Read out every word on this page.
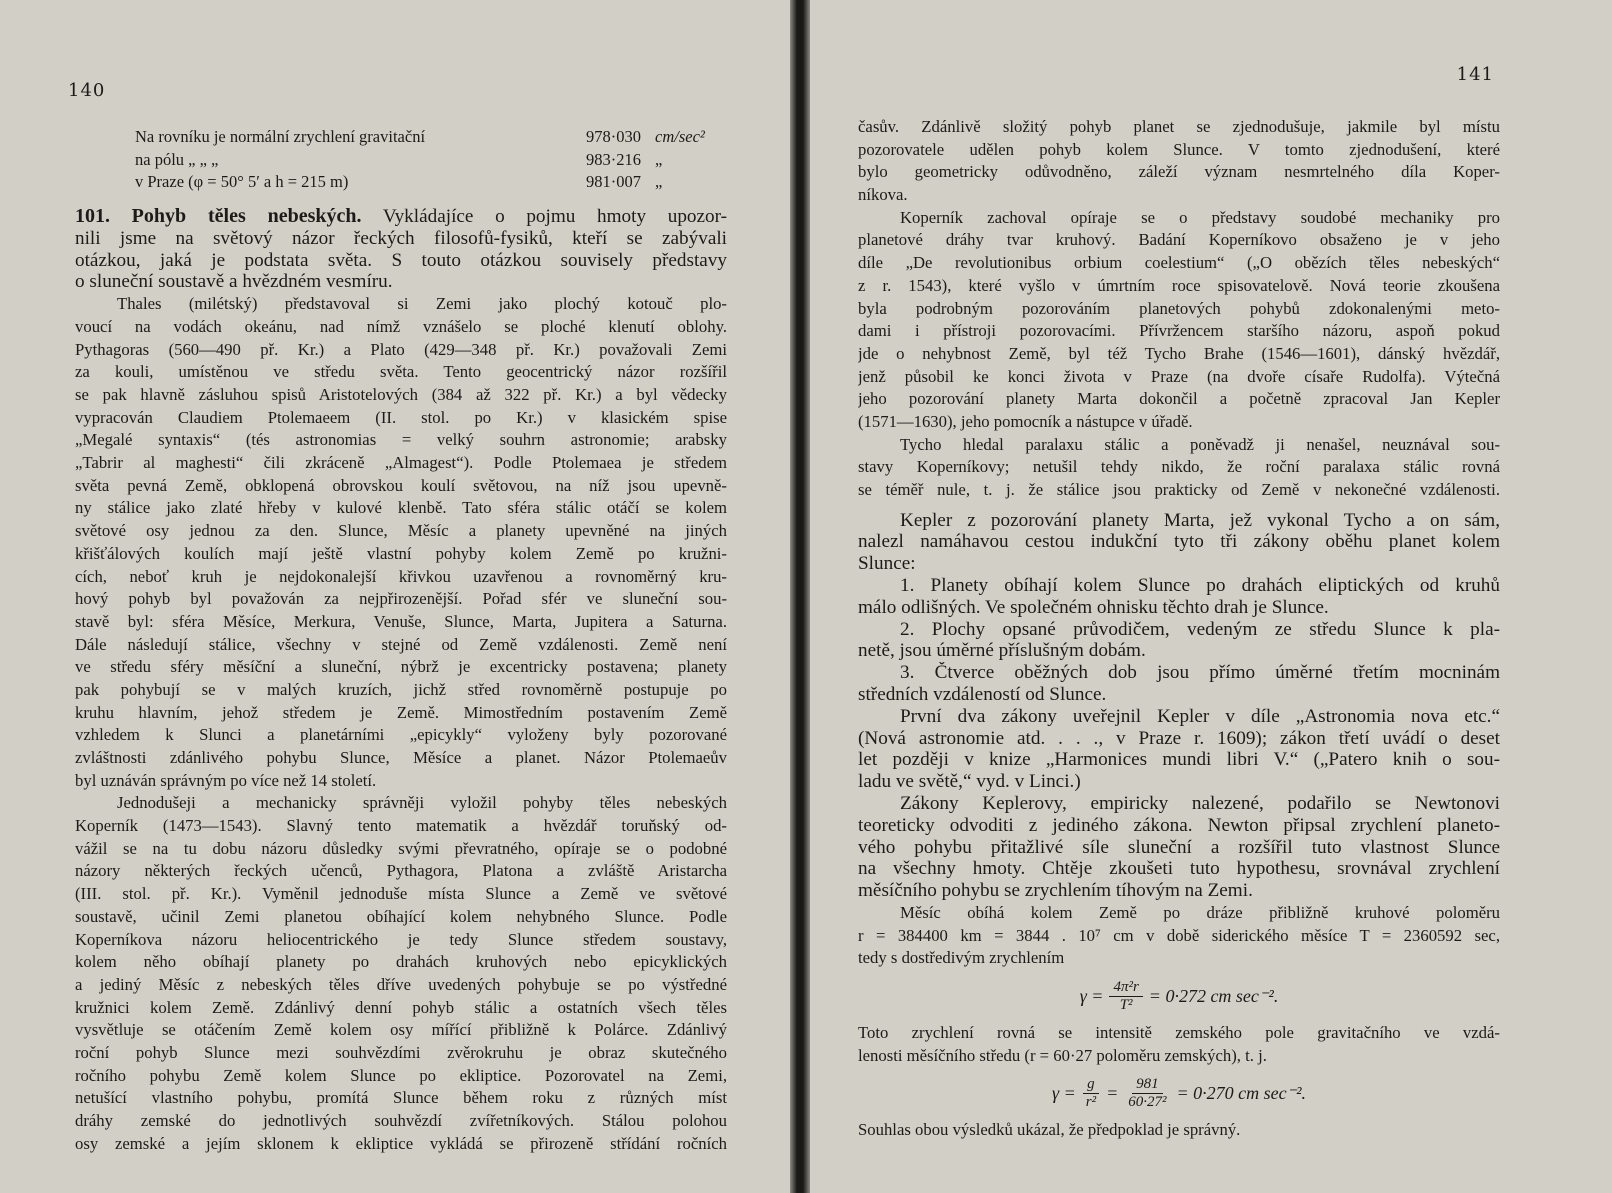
140
Na rovníku je normální zrychlení gravitační	978·030 cm/sec²
na pólu „ „ „	983·216 „
v Praze (φ = 50° 5′ a h = 215 m)	981·007 „
101. Pohyb těles nebeských. Vykládajíce o pojmu hmoty upozor-
nili jsme na světový názor řeckých filosofů-fysiků, kteří se zabývali
otázkou, jaká je podstata světa. S touto otázkou souvisely představy
o sluneční soustavě a hvězdném vesmíru.
Thales (milétský) představoval si Zemi jako plochý kotouč plo-
voucí na vodách okeánu, nad nímž vznášelo se ploché klenutí oblohy.
Pythagoras (560—490 př. Kr.) a Plato (429—348 př. Kr.) považovali Zemi
za kouli, umístěnou ve středu světa. Tento geocentrický názor rozšířil
se pak hlavně zásluhou spisů Aristotelových (384 až 322 př. Kr.) a byl vědecky
vypracován Claudiem Ptolemaeem (II. stol. po Kr.) v klasickém spise
„Megalé syntaxis“ (tés astronomias = velký souhrn astronomie; arabsky
„Tabrir al maghesti“ čili zkráceně „Almagest“). Podle Ptolemaea je středem
světa pevná Země, obklopená obrovskou koulí světovou, na níž jsou upevně-
ny stálice jako zlaté hřeby v kulové klenbě. Tato sféra stálic otáčí se kolem
světové osy jednou za den. Slunce, Měsíc a planety upevněné na jiných
křišťálových koulích mají ještě vlastní pohyby kolem Země po kružni-
cích, neboť kruh je nejdokonalejší křivkou uzavřenou a rovnoměrný kru-
hový pohyb byl považován za nejpřirozenější. Pořad sfér ve sluneční sou-
stavě byl: sféra Měsíce, Merkura, Venuše, Slunce, Marta, Jupitera a Saturna.
Dále následují stálice, všechny v stejné od Země vzdálenosti. Země není
ve středu sféry měsíční a sluneční, nýbrž je excentricky postavena; planety
pak pohybují se v malých kruzích, jichž střed rovnoměrně postupuje po
kruhu hlavním, jehož středem je Země. Mimostředním postavením Země
vzhledem k Slunci a planetárními „epicykly“ vyloženy byly pozorované
zvláštnosti zdánlivého pohybu Slunce, Měsíce a planet. Názor Ptolemaeův
byl uznáván správným po více než 14 století.
Jednodušeji a mechanicky správněji vyložil pohyby těles nebeských
Koperník (1473—1543). Slavný tento matematik a hvězdář toruňský od-
vážil se na tu dobu názoru důsledky svými převratného, opíraje se o podobné
názory některých řeckých učenců, Pythagora, Platona a zvláště Aristarcha
(III. stol. př. Kr.). Vyměnil jednoduše místa Slunce a Země ve světové
soustavě, učinil Zemi planetou obíhající kolem nehybného Slunce. Podle
Koperníkova názoru heliocentrického je tedy Slunce středem soustavy,
kolem něho obíhají planety po drahách kruhových nebo epicyklických
a jediný Měsíc z nebeských těles dříve uvedených pohybuje se po výstředné
kružnici kolem Země. Zdánlivý denní pohyb stálic a ostatních všech těles
vysvětluje se otáčením Země kolem osy mířící přibližně k Polárce. Zdánlivý
roční pohyb Slunce mezi souhvězdími zvěrokruhu je obraz skutečného
ročního pohybu Země kolem Slunce po ekliptice. Pozorovatel na Zemi,
netušící vlastního pohybu, promítá Slunce během roku z různých míst
dráhy zemské do jednotlivých souhvězdí zvířetníkových. Stálou polohou
osy zemské a jejím sklonem k ekliptice vykládá se přirozeně střídání ročních
141
časův. Zdánlivě složitý pohyb planet se zjednodušuje, jakmile byl místu
pozorovatele udělen pohyb kolem Slunce. V tomto zjednodušení, které
bylo geometricky odůvodněno, záleží význam nesmrtelného díla Koper-
níkova.
Koperník zachoval opíraje se o představy soudobé mechaniky pro
planetové dráhy tvar kruhový. Badání Koperníkovo obsaženo je v jeho
díle „De revolutionibus orbium coelestium“ („O obězích těles nebeských“
z r. 1543), které vyšlo v úmrtním roce spisovatelově. Nová teorie zkoušena
byla podrobným pozorováním planetových pohybů zdokonalenými meto-
dami i přístroji pozorovacími. Přívržencem staršího názoru, aspoň pokud
jde o nehybnost Země, byl též Tycho Brahe (1546—1601), dánský hvězdář,
jenž působil ke konci života v Praze (na dvoře císaře Rudolfa). Výtečná
jeho pozorování planety Marta dokončil a početně zpracoval Jan Kepler
(1571—1630), jeho pomocník a nástupce v úřadě.
Tycho hledal paralaxu stálic a poněvadž ji nenašel, neuznával sou-
stavy Koperníkovy; netušil tehdy nikdo, že roční paralaxa stálic rovná
se téměř nule, t. j. že stálice jsou prakticky od Země v nekonečné vzdálenosti.
Kepler z pozorování planety Marta, jež vykonal Tycho a on sám,
nalezl namáhavou cestou indukční tyto tři zákony oběhu planet kolem
Slunce:
1. Planety obíhají kolem Slunce po drahách eliptických od kruhů
málo odlišných. Ve společném ohnisku těchto drah je Slunce.
2. Plochy opsané průvodičem, vedeným ze středu Slunce k pla-
netě, jsou úměrné příslušným dobám.
3. Čtverce oběžných dob jsou přímo úměrné třetím mocninám
středních vzdáleností od Slunce.
První dva zákony uveřejnil Kepler v díle „Astronomia nova etc.“
(Nová astronomie atd. . . ., v Praze r. 1609); zákon třetí uvádí o deset
let později v knize „Harmonices mundi libri V.“ („Patero knih o sou-
ladu ve světě,“ vyd. v Linci.)
Zákony Keplerovy, empiricky nalezené, podařilo se Newtonovi
teoreticky odvoditi z jediného zákona. Newton připsal zrychlení planeto-
vého pohybu přitažlivé síle sluneční a rozšířil tuto vlastnost Slunce
na všechny hmoty. Chtěje zkoušeti tuto hypothesu, srovnával zrychlení
měsíčního pohybu se zrychlením tíhovým na Zemi.
Měsíc obíhá kolem Země po dráze přibližně kruhové poloměru
r = 384400 km = 3844 . 10⁷ cm v době siderického měsíce T = 2360592 sec,
tedy s dostředivým zrychlením
$\gamma = \frac{\text{4π²r}}{\text{T²}} = 0\cdot 272$ cm sec⁻².
Toto zrychlení rovná se intensitě zemského pole gravitačního ve vzdá-
lenosti měsíčního středu (r = 60·27 poloměru zemských), t. j.
$\gamma = \frac{g}{\text{r²}} = \frac{981}{\text{60·27²}} = 0\cdot 270$ cm sec⁻².
Souhlas obou výsledků ukázal, že předpoklad je správný.
